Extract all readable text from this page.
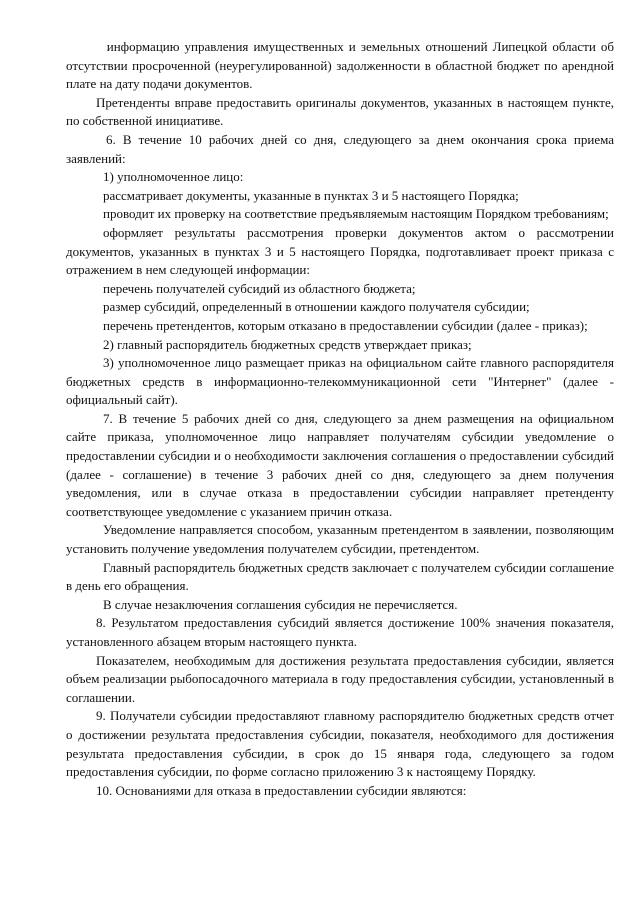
информацию управления имущественных и земельных отношений Липецкой области об отсутствии просроченной (неурегулированной) задолженности в областной бюджет по арендной плате на дату подачи документов.

Претенденты вправе предоставить оригиналы документов, указанных в настоящем пункте, по собственной инициативе.

6. В течение 10 рабочих дней со дня, следующего за днем окончания срока приема заявлений:

1) уполномоченное лицо:

рассматривает документы, указанные в пунктах 3 и 5 настоящего Порядка;

проводит их проверку на соответствие предъявляемым настоящим Порядком требованиям;

оформляет результаты рассмотрения проверки документов актом о рассмотрении документов, указанных в пунктах 3 и 5 настоящего Порядка, подготавливает проект приказа с отражением в нем следующей информации:

перечень получателей субсидий из областного бюджета;

размер субсидий, определенный в отношении каждого получателя субсидии;

перечень претендентов, которым отказано в предоставлении субсидии (далее - приказ);

2) главный распорядитель бюджетных средств утверждает приказ;

3) уполномоченное лицо размещает приказ на официальном сайте главного распорядителя бюджетных средств в информационно-телекоммуникационной сети "Интернет" (далее - официальный сайт).

7. В течение 5 рабочих дней со дня, следующего за днем размещения на официальном сайте приказа, уполномоченное лицо направляет получателям субсидии уведомление о предоставлении субсидии и о необходимости заключения соглашения о предоставлении субсидий (далее - соглашение) в течение 3 рабочих дней со дня, следующего за днем получения уведомления, или в случае отказа в предоставлении субсидии направляет претенденту соответствующее уведомление с указанием причин отказа.

Уведомление направляется способом, указанным претендентом в заявлении, позволяющим установить получение уведомления получателем субсидии, претендентом.

Главный распорядитель бюджетных средств заключает с получателем субсидии соглашение в день его обращения.

В случае незаключения соглашения субсидия не перечисляется.

8. Результатом предоставления субсидий является достижение 100% значения показателя, установленного абзацем вторым настоящего пункта.

Показателем, необходимым для достижения результата предоставления субсидии, является объем реализации рыбопосадочного материала в году предоставления субсидии, установленный в соглашении.

9. Получатели субсидии предоставляют главному распорядителю бюджетных средств отчет о достижении результата предоставления субсидии, показателя, необходимого для достижения результата предоставления субсидии, в срок до 15 января года, следующего за годом предоставления субсидии, по форме согласно приложению 3 к настоящему Порядку.

10. Основаниями для отказа в предоставлении субсидии являются:
